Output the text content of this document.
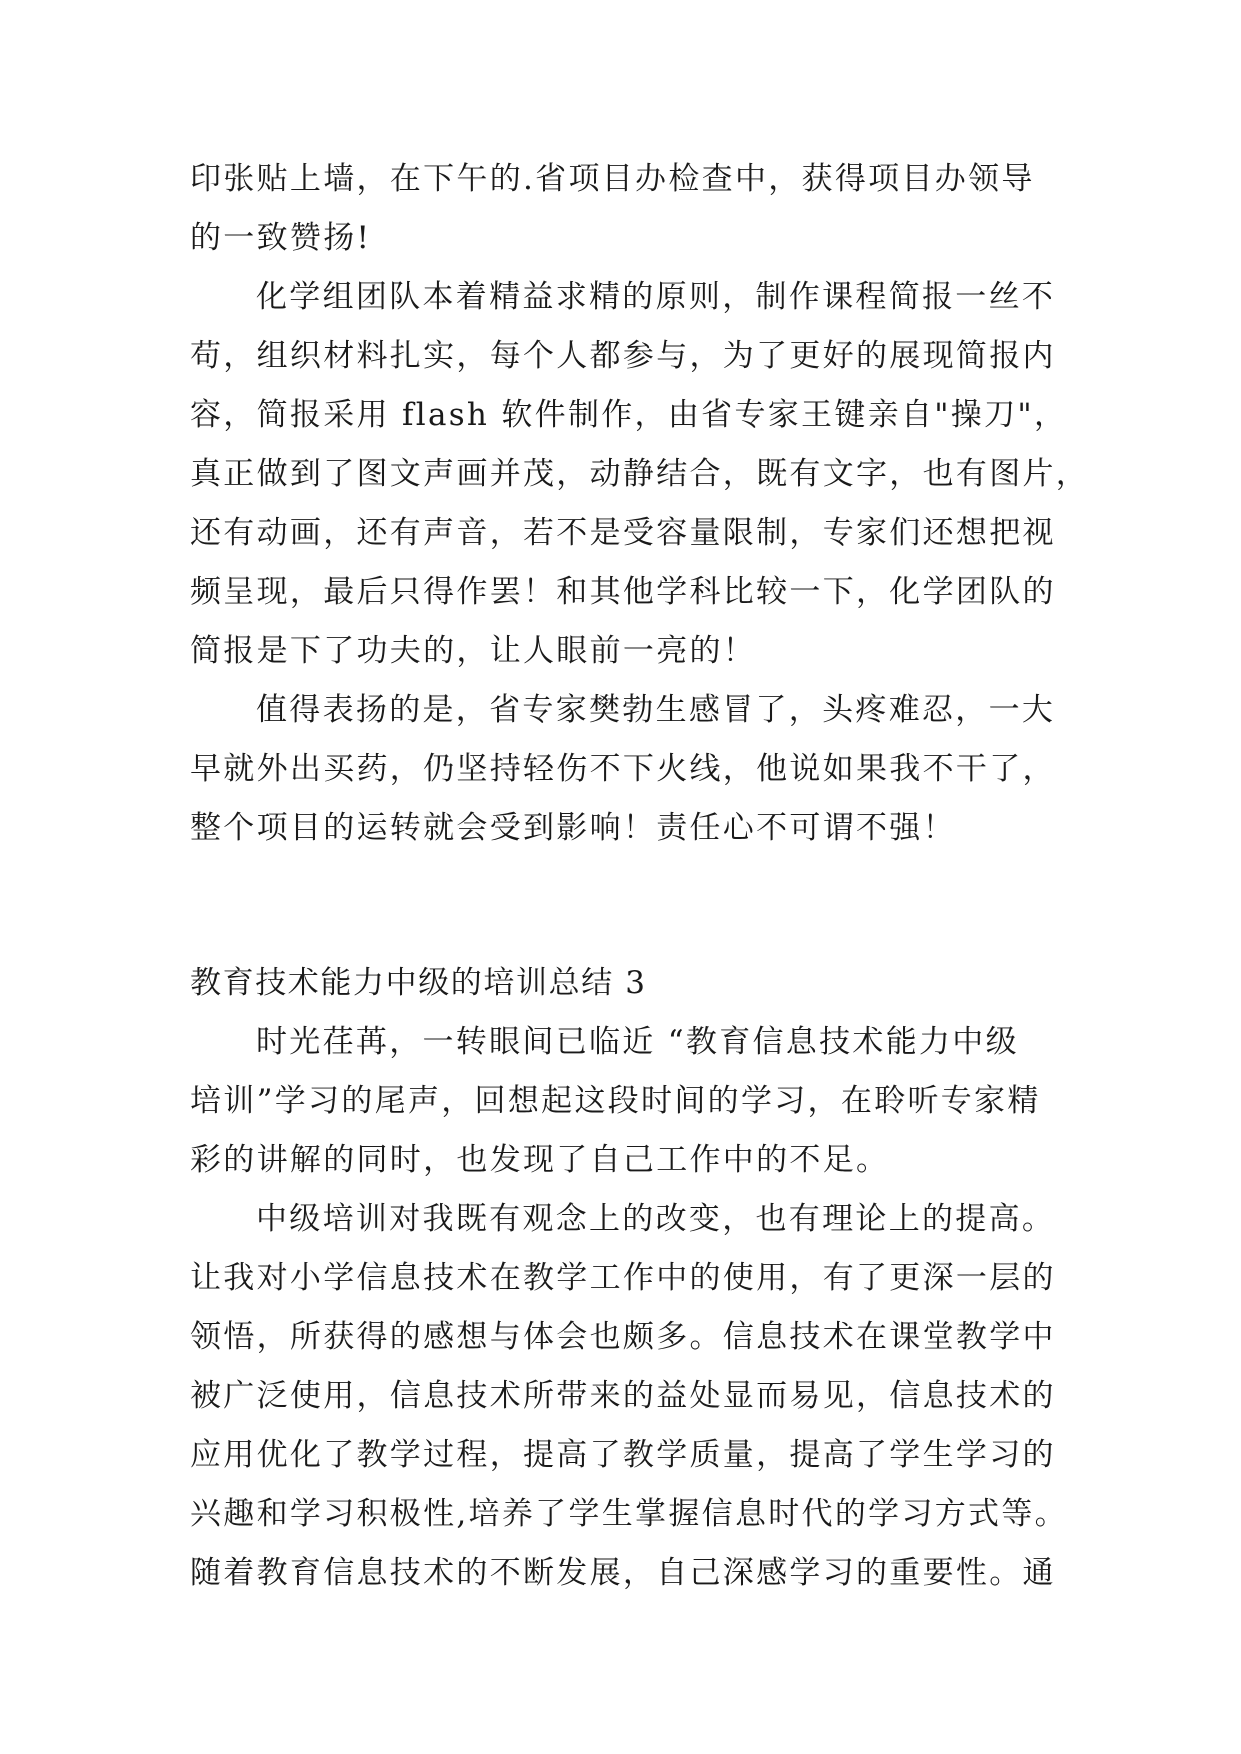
印张贴上墙，在下午的.省项目办检查中，获得项目办领导
的一致赞扬!
化学组团队本着精益求精的原则，制作课程简报一丝不
苟，组织材料扎实，每个人都参与，为了更好的展现简报内
容，简报采用 flash 软件制作，由省专家王键亲自"操刀"，
真正做到了图文声画并茂，动静结合，既有文字，也有图片，
还有动画，还有声音，若不是受容量限制，专家们还想把视
频呈现，最后只得作罢！和其他学科比较一下，化学团队的
简报是下了功夫的，让人眼前一亮的！
值得表扬的是，省专家樊勃生感冒了，头疼难忍，一大
早就外出买药，仍坚持轻伤不下火线，他说如果我不干了，
整个项目的运转就会受到影响！责任心不可谓不强！
教育技术能力中级的培训总结 3
时光荏苒，一转眼间已临近 “教育信息技术能力中级
培训”学习的尾声，回想起这段时间的学习，在聆听专家精
彩的讲解的同时，也发现了自己工作中的不足。
中级培训对我既有观念上的改变，也有理论上的提高。
让我对小学信息技术在教学工作中的使用，有了更深一层的
领悟，所获得的感想与体会也颇多。信息技术在课堂教学中
被广泛使用，信息技术所带来的益处显而易见，信息技术的
应用优化了教学过程，提高了教学质量，提高了学生学习的
兴趣和学习积极性,培养了学生掌握信息时代的学习方式等。
随着教育信息技术的不断发展，自己深感学习的重要性。通
